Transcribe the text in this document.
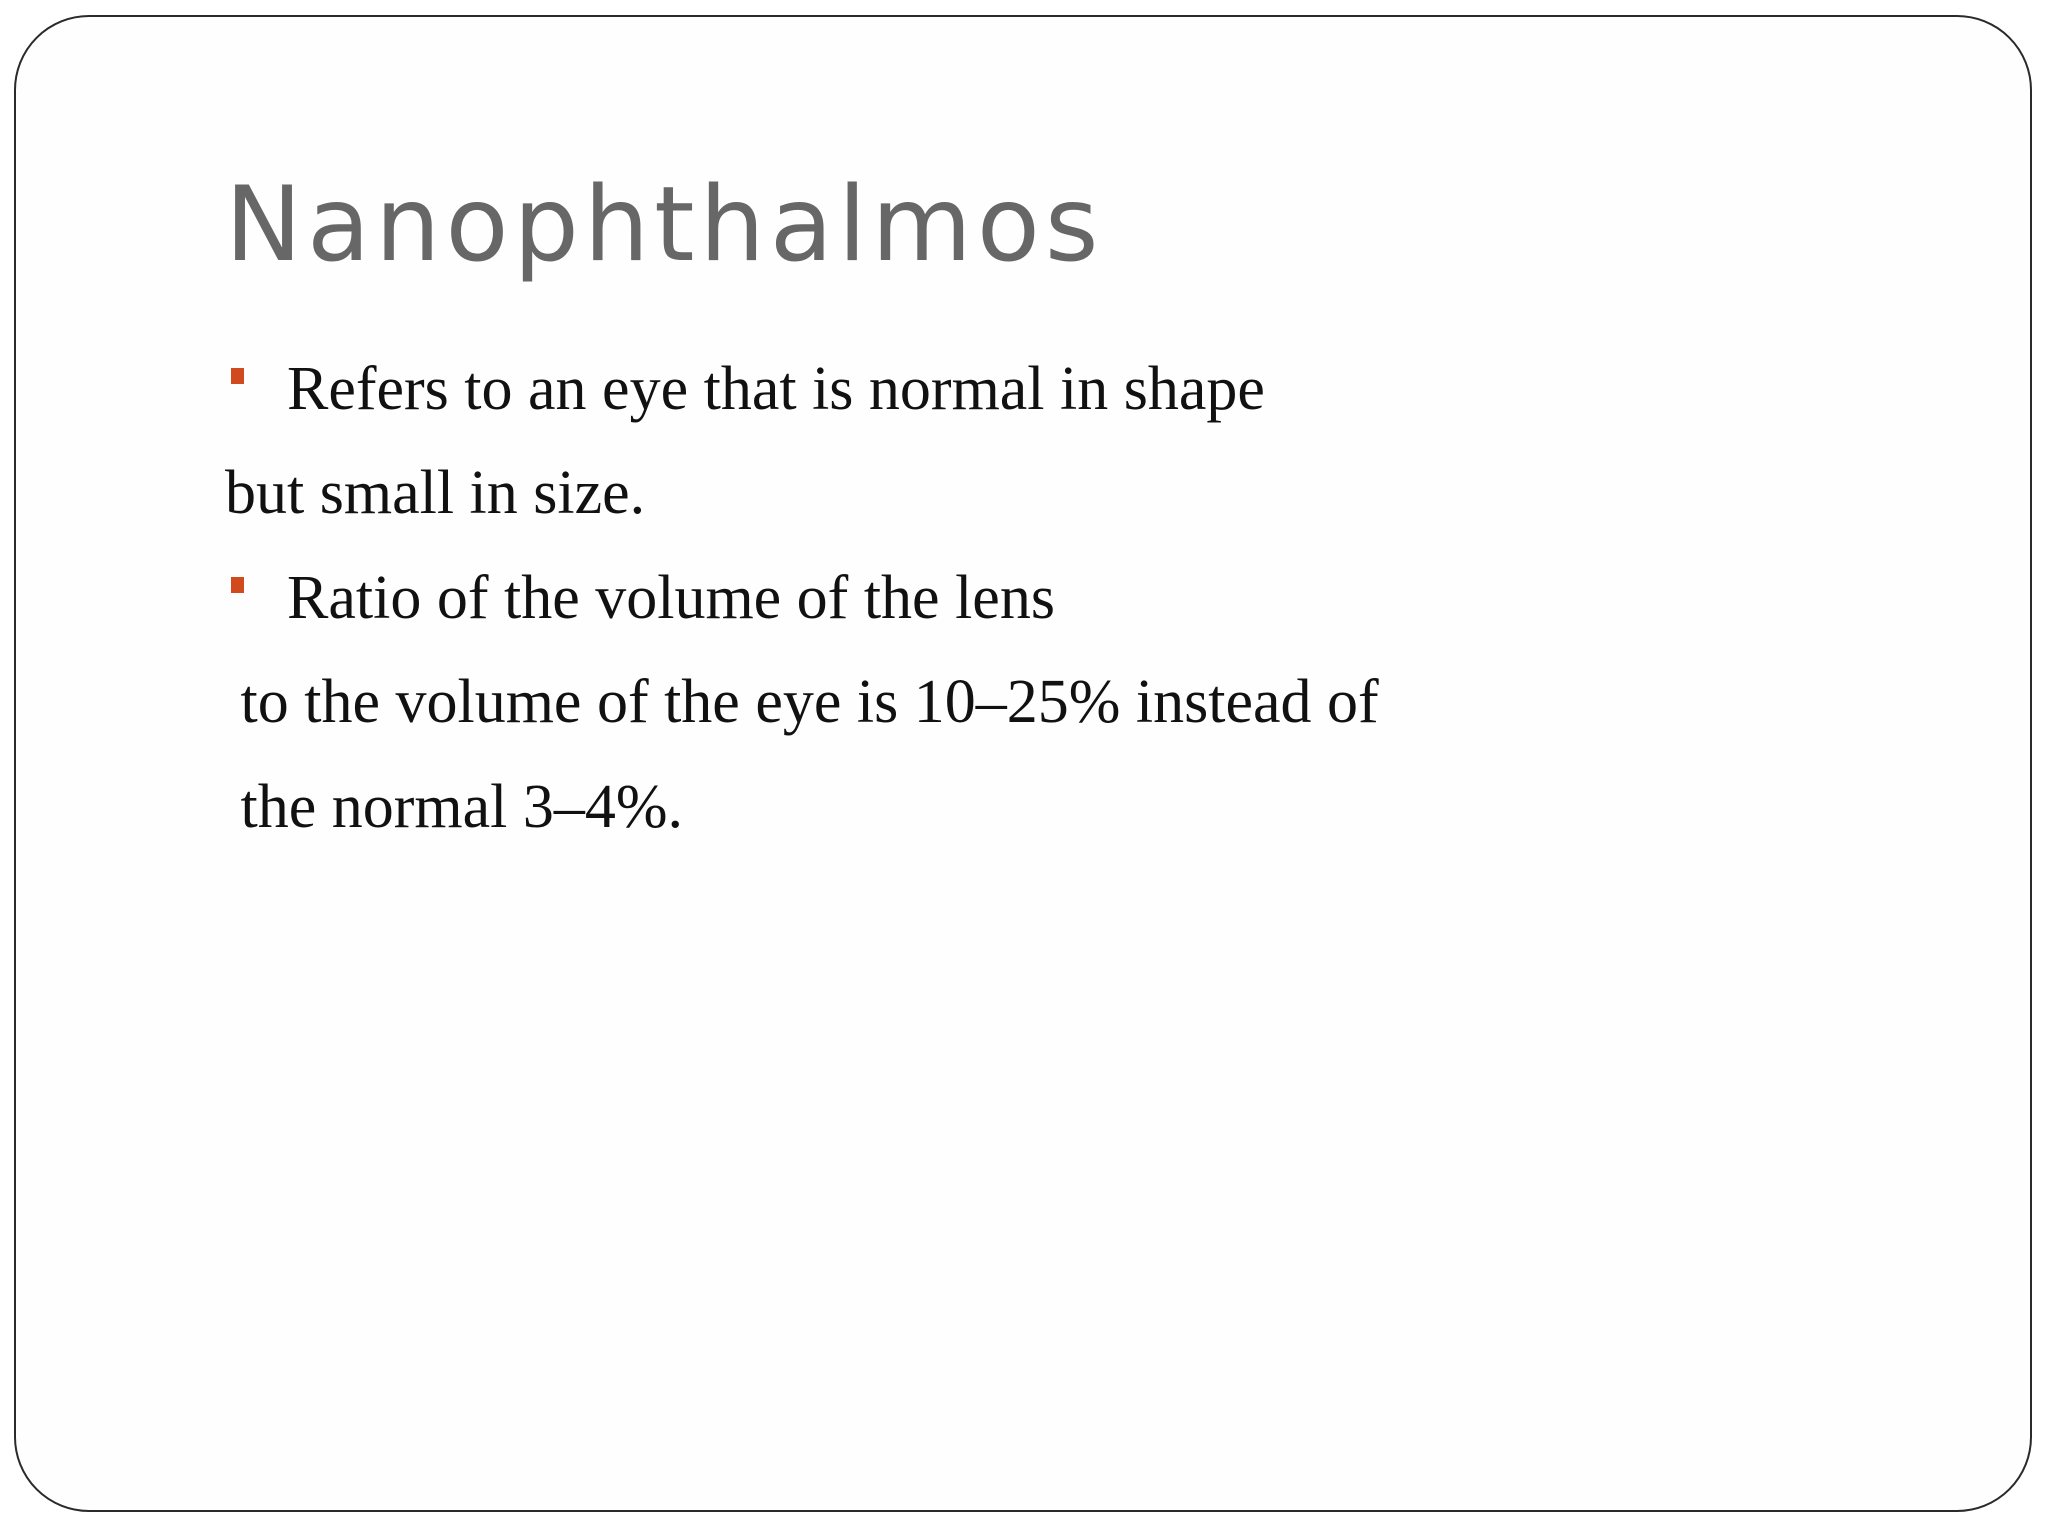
Nanophthalmos

Refers to an eye that is normal in shape

but small in size.

Ratio of the volume of the lens

to the volume of the eye is 10–25% instead of

the normal 3–4%.
